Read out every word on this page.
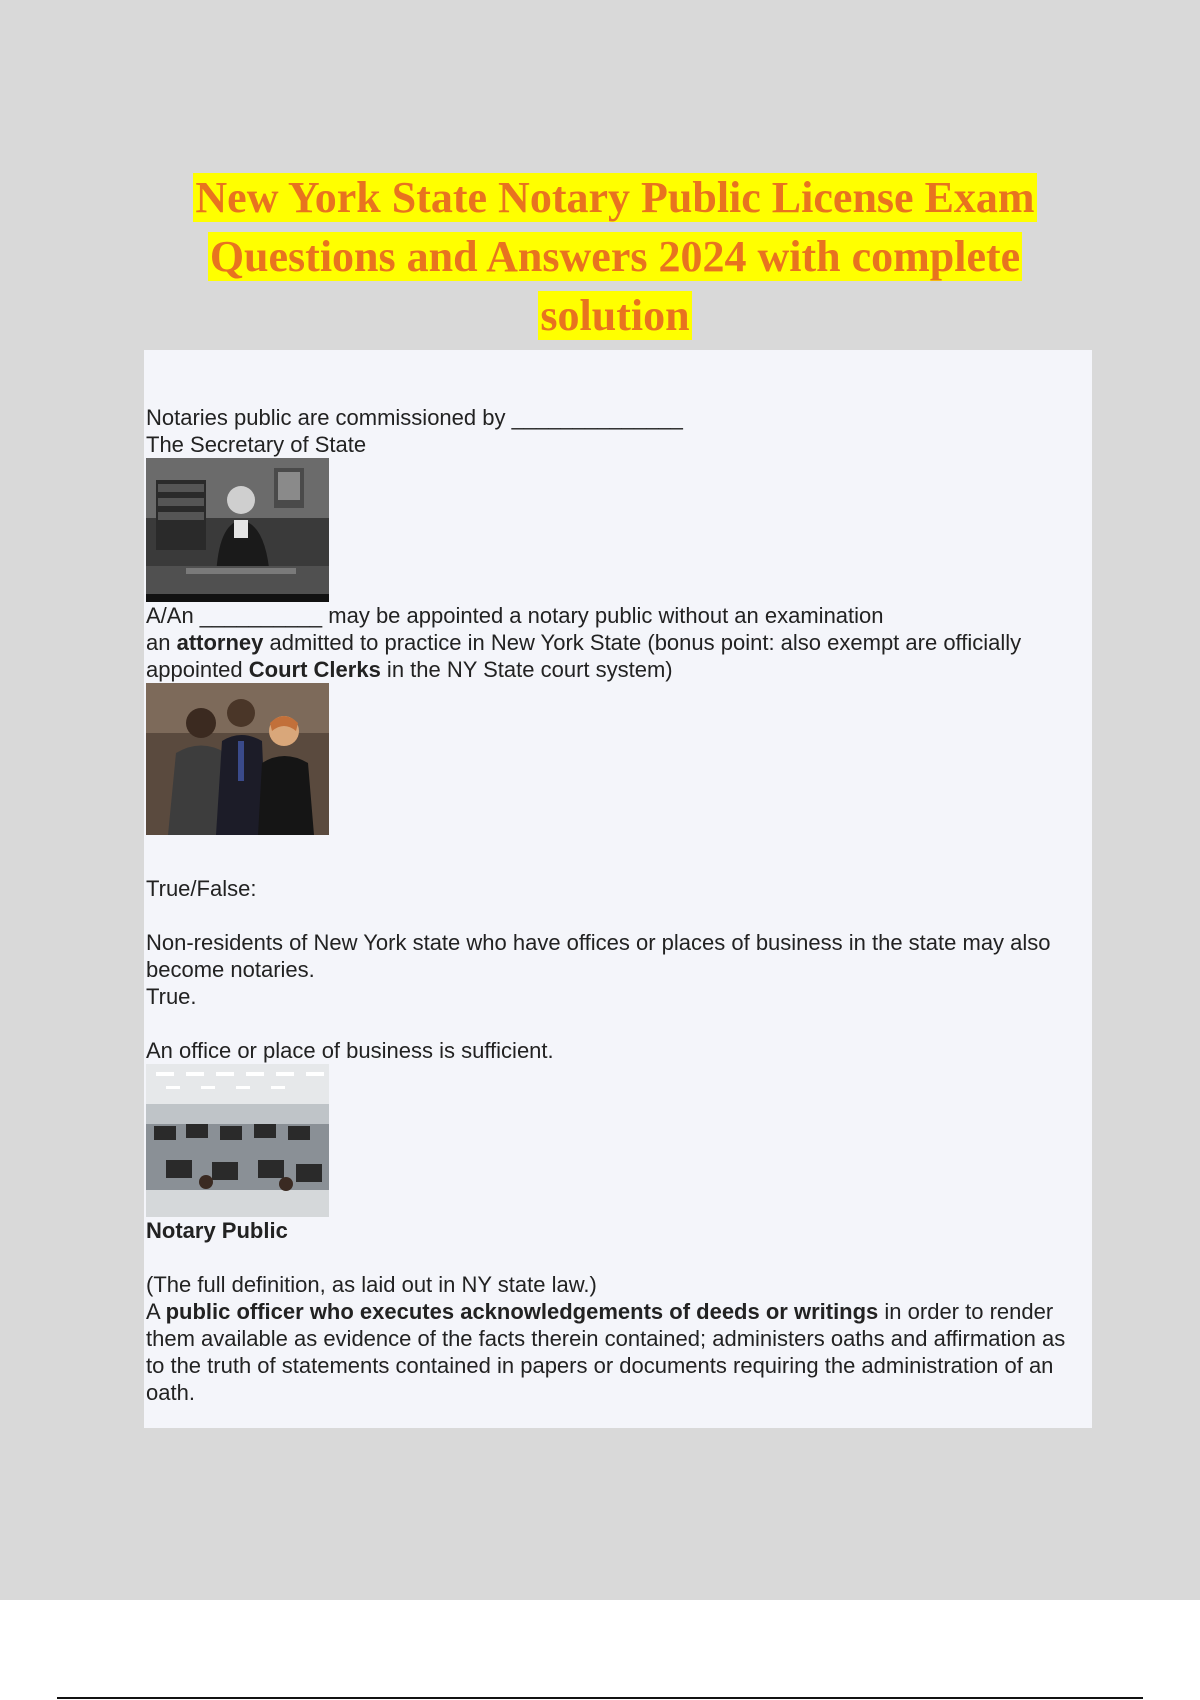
New York State Notary Public License Exam
Questions and Answers 2024 with complete
solution

Notaries public are commissioned by ______________

The Secretary of State

A/An __________ may be appointed a notary public without an examination

an attorney admitted to practice in New York State (bonus point: also exempt are officially appointed Court Clerks in the NY State court system)

True/False:

Non-residents of New York state who have offices or places of business in the state may also become notaries.

True.

An office or place of business is sufficient.

Notary Public

(The full definition, as laid out in NY state law.)

A public officer who executes acknowledgements of deeds or writings in order to render them available as evidence of the facts therein contained; administers oaths and affirmation as to the truth of statements contained in papers or documents requiring the administration of an oath.
